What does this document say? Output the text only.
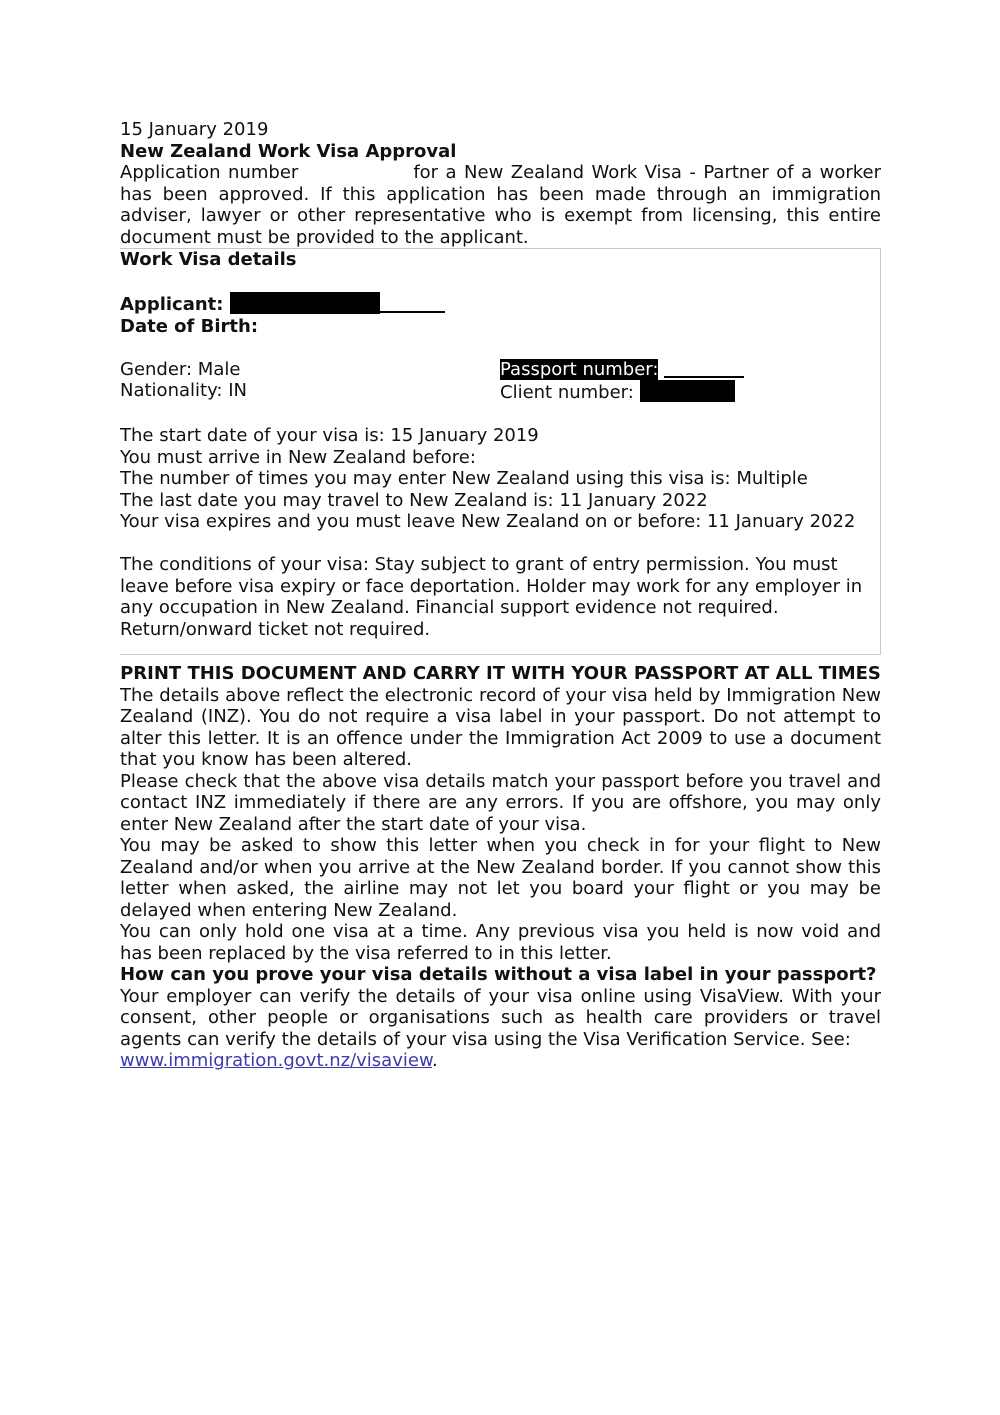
15 January 2019

New Zealand Work Visa Approval

Application number	for a New Zealand Work Visa - Partner of a worker has been approved. If this application has been made through an immigration adviser, lawyer or other representative who is exempt from licensing, this entire document must be provided to the applicant.

Work Visa details

Applicant:

Date of Birth:

Gender: Male	Passport number:
Nationality: IN	Client number:

The start date of your visa is: 15 January 2019

You must arrive in New Zealand before:

The number of times you may enter New Zealand using this visa is: Multiple

The last date you may travel to New Zealand is: 11 January 2022

Your visa expires and you must leave New Zealand on or before: 11 January 2022

The conditions of your visa: Stay subject to grant of entry permission. You must leave before visa expiry or face deportation. Holder may work for any employer in any occupation in New Zealand. Financial support evidence not required. Return/onward ticket not required.

PRINT THIS DOCUMENT AND CARRY IT WITH YOUR PASSPORT AT ALL TIMES

The details above reflect the electronic record of your visa held by Immigration New Zealand (INZ). You do not require a visa label in your passport. Do not attempt to alter this letter. It is an offence under the Immigration Act 2009 to use a document that you know has been altered.

Please check that the above visa details match your passport before you travel and contact INZ immediately if there are any errors. If you are offshore, you may only enter New Zealand after the start date of your visa.

You may be asked to show this letter when you check in for your flight to New Zealand and/or when you arrive at the New Zealand border. If you cannot show this letter when asked, the airline may not let you board your flight or you may be delayed when entering New Zealand.

You can only hold one visa at a time. Any previous visa you held is now void and has been replaced by the visa referred to in this letter.

How can you prove your visa details without a visa label in your passport?

Your employer can verify the details of your visa online using VisaView. With your consent, other people or organisations such as health care providers or travel agents can verify the details of your visa using the Visa Verification Service. See:

www.immigration.govt.nz/visaview.
